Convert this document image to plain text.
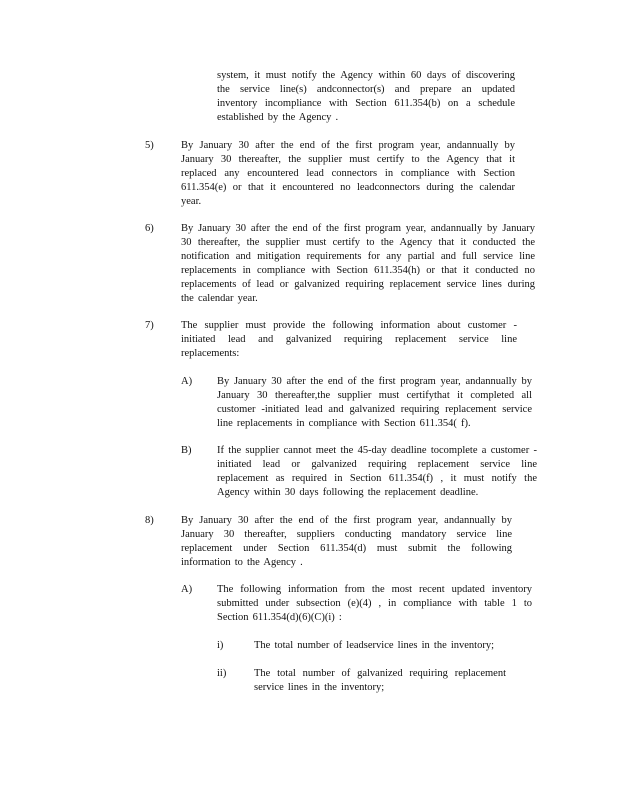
system, it must notify the Agency within 60 days of discovering the service line(s) andconnector(s) and prepare an updated inventory incompliance with Section 611.354(b) on a schedule established by the Agency .
5)	By January 30 after the end of the first program year, andannually by January 30 thereafter, the supplier must certify to the Agency that it replaced any encountered lead connectors in compliance with Section 611.354(e) or that it encountered no leadconnectors during the calendar year.
6)	By January 30 after the end of the first program year, andannually by January 30 thereafter, the supplier must certify to the Agency that it conducted the notification and mitigation requirements for any partial and full service line replacements in compliance with Section 611.354(h) or that it conducted no replacements of lead or galvanized requiring replacement service lines during the calendar year.
7)	The supplier must provide the following information about customer - initiated lead and galvanized requiring replacement service line replacements:
A) By January 30 after the end of the first program year, andannually by January 30 thereafter,the supplier must certifythat it completed all customer -initiated lead and galvanized requiring replacement service line replacements in compliance with Section 611.354( f).
B) If the supplier cannot meet the 45-day deadline tocomplete a customer -initiated lead or galvanized requiring replacement service line replacement as required in Section 611.354(f) , it must notify the Agency within 30 days following the replacement deadline.
8)	By January 30 after the end of the first program year, andannually by January 30 thereafter, suppliers conducting mandatory service line replacement under Section 611.354(d) must submit the following information to the Agency .
A) The following information from the most recent updated inventory submitted under subsection (e)(4) , in compliance with table 1 to Section 611.354(d)(6)(C)(i) :
i)	The total number of leadservice lines in the inventory;
ii)	The total number of galvanized requiring replacement service lines in the inventory;
